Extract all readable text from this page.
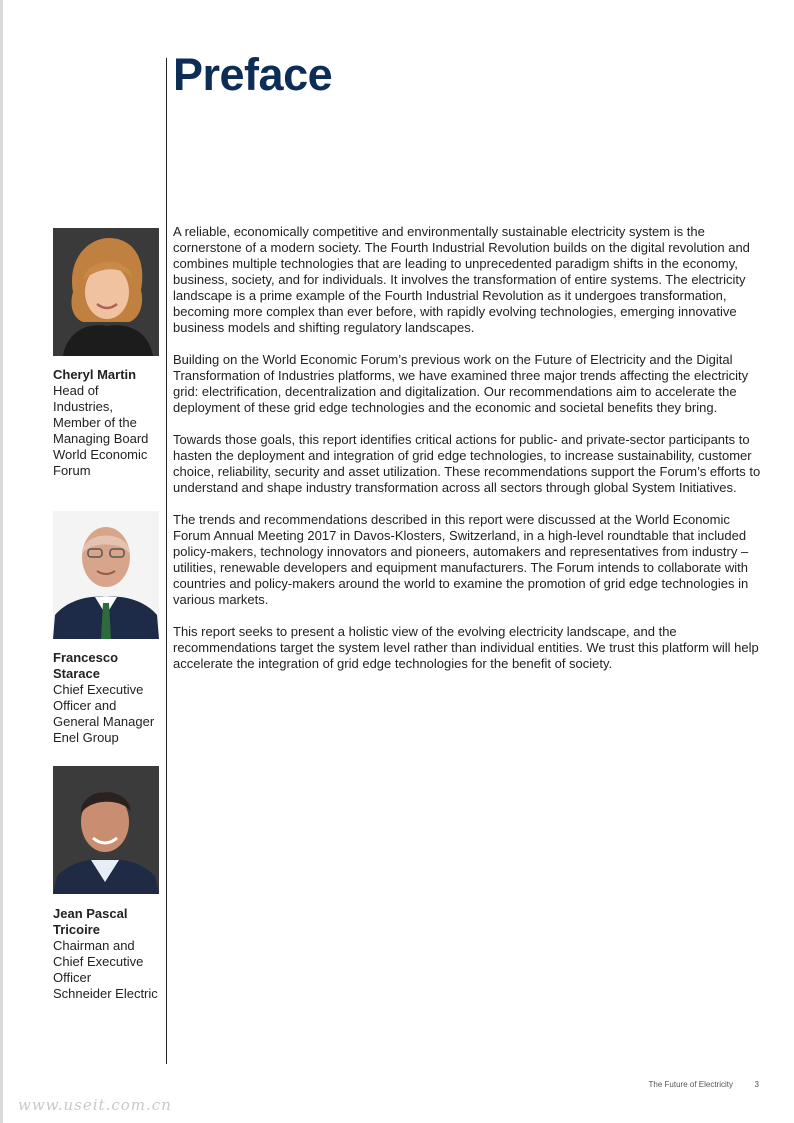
Preface

A reliable, economically competitive and environmentally sustainable electricity system is the cornerstone of a modern society. The Fourth Industrial Revolution builds on the digital revolution and combines multiple technologies that are leading to unprecedented paradigm shifts in the economy, business, society, and for individuals. It involves the transformation of entire systems. The electricity landscape is a prime example of the Fourth Industrial Revolution as it undergoes transformation, becoming more complex than ever before, with rapidly evolving technologies, emerging innovative business models and shifting regulatory landscapes.

Building on the World Economic Forum’s previous work on the Future of Electricity and the Digital Transformation of Industries platforms, we have examined three major trends affecting the electricity grid: electrification, decentralization and digitalization. Our recommendations aim to accelerate the deployment of these grid edge technologies and the economic and societal benefits they bring.

Towards those goals, this report identifies critical actions for public- and private-sector participants to hasten the deployment and integration of grid edge technologies, to increase sustainability, customer choice, reliability, security and asset utilization. These recommendations support the Forum’s efforts to understand and shape industry transformation across all sectors through global System Initiatives.

The trends and recommendations described in this report were discussed at the World Economic Forum Annual Meeting 2017 in Davos-Klosters, Switzerland, in a high-level roundtable that included policy-makers, technology innovators and pioneers, automakers and representatives from industry – utilities, renewable developers and equipment manufacturers. The Forum intends to collaborate with countries and policy-makers around the world to examine the promotion of grid edge technologies in various markets.

This report seeks to present a holistic view of the evolving electricity landscape, and the recommendations target the system level rather than individual entities. We trust this platform will help accelerate the integration of grid edge technologies for the benefit of society.

Cheryl Martin
Head of
Industries,
Member of the
Managing Board
World Economic
Forum
Francesco
Starace
Chief Executive
Officer and
General Manager
Enel Group
Jean Pascal
Tricoire
Chairman and
Chief Executive
Officer
Schneider Electric
The Future of Electricity	3
www.useit.com.cn
